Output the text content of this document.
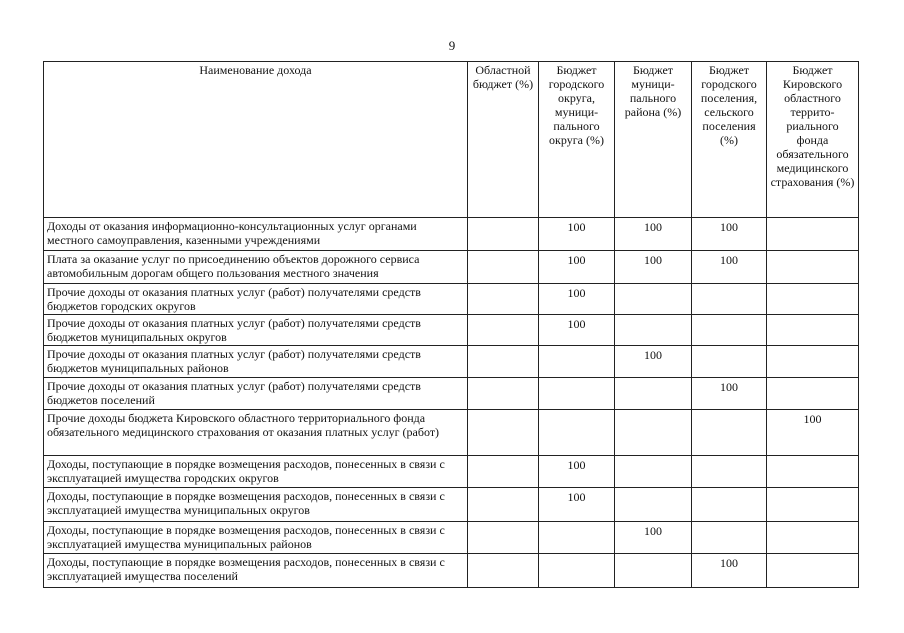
9
Наименование дохода	Областной бюджет (%)	Бюджет городского округа, муници-пального округа (%)	Бюджет муници-пального района (%)	Бюджет городского поселения, сельского поселения (%)	Бюджет Кировского областного террито-риального фонда обязательного медицинского страхования (%)
Доходы от оказания информационно-консультационных услуг органами местного самоуправления, казенными учреждениями		100	100	100	
Плата за оказание услуг по присоединению объектов дорожного сервиса автомобильным дорогам общего пользования местного значения		100	100	100	
Прочие доходы от оказания платных услуг (работ) получателями средств бюджетов городских округов		100			
Прочие доходы от оказания платных услуг (работ) получателями средств бюджетов муниципальных округов		100			
Прочие доходы от оказания платных услуг (работ) получателями средств бюджетов муниципальных районов			100		
Прочие доходы от оказания платных услуг (работ) получателями средств бюджетов поселений				100	
Прочие доходы бюджета Кировского областного территориального фонда обязательного медицинского страхования от оказания платных услуг (работ)					100
Доходы, поступающие в порядке возмещения расходов, понесенных в связи с эксплуатацией имущества городских округов		100			
Доходы, поступающие в порядке возмещения расходов, понесенных в связи с эксплуатацией имущества муниципальных округов		100			
Доходы, поступающие в порядке возмещения расходов, понесенных в связи с эксплуатацией имущества муниципальных районов			100		
Доходы, поступающие в порядке возмещения расходов, понесенных в связи с эксплуатацией имущества поселений				100	
